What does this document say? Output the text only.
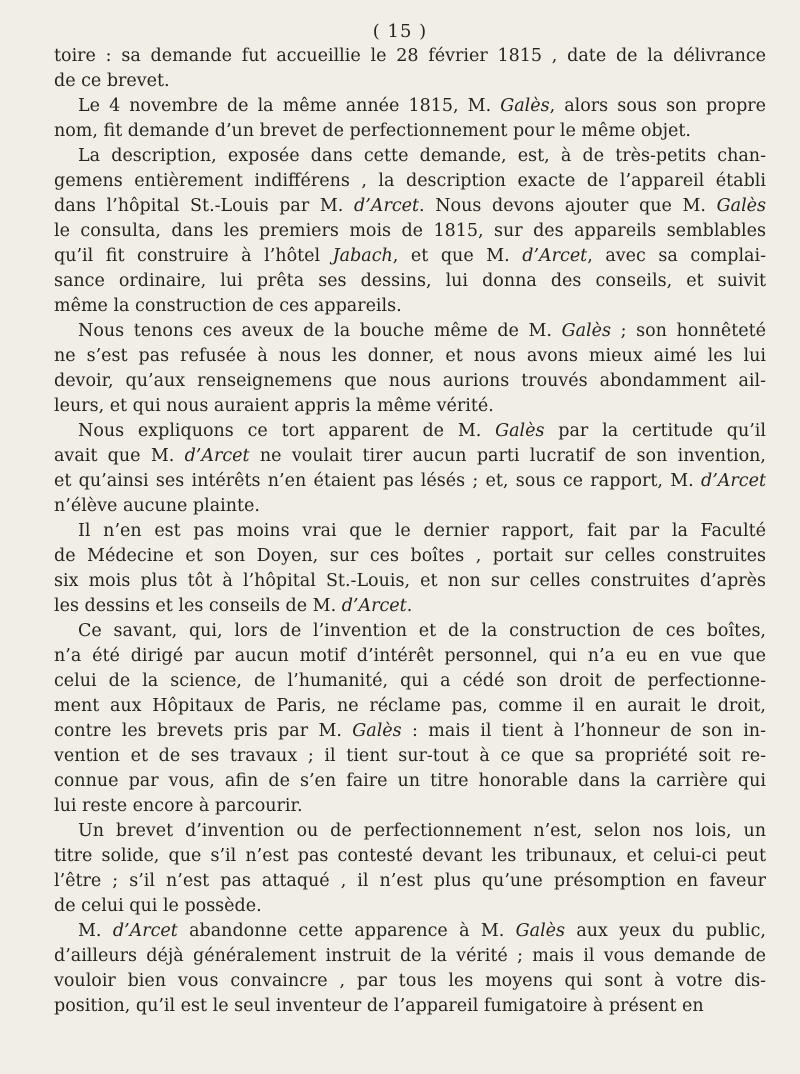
( 15 )
toire : sa demande fut accueillie le 28 février 1815 , date de la délivrance
de ce brevet.
Le 4 novembre de la même année 1815, M. Galès, alors sous son propre
nom, fit demande d’un brevet de perfectionnement pour le même objet.
La description, exposée dans cette demande, est, à de très-petits chan-
gemens entièrement indifférens , la description exacte de l’appareil établi
dans l’hôpital St.-Louis par M. d’Arcet. Nous devons ajouter que M. Galès
le consulta, dans les premiers mois de 1815, sur des appareils semblables
qu’il fit construire à l’hôtel Jabach, et que M. d’Arcet, avec sa complai-
sance ordinaire, lui prêta ses dessins, lui donna des conseils, et suivit
même la construction de ces appareils.
Nous tenons ces aveux de la bouche même de M. Galès ; son honnêteté
ne s’est pas refusée à nous les donner, et nous avons mieux aimé les lui
devoir, qu’aux renseignemens que nous aurions trouvés abondamment ail-
leurs, et qui nous auraient appris la même vérité.
Nous expliquons ce tort apparent de M. Galès par la certitude qu’il
avait que M. d’Arcet ne voulait tirer aucun parti lucratif de son invention,
et qu’ainsi ses intérêts n’en étaient pas lésés ; et, sous ce rapport, M. d’Arcet
n’élève aucune plainte.
Il n’en est pas moins vrai que le dernier rapport, fait par la Faculté
de Médecine et son Doyen, sur ces boîtes , portait sur celles construites
six mois plus tôt à l’hôpital St.-Louis, et non sur celles construites d’après
les dessins et les conseils de M. d’Arcet.
Ce savant, qui, lors de l’invention et de la construction de ces boîtes,
n’a été dirigé par aucun motif d’intérêt personnel, qui n’a eu en vue que
celui de la science, de l’humanité, qui a cédé son droit de perfectionne-
ment aux Hôpitaux de Paris, ne réclame pas, comme il en aurait le droit,
contre les brevets pris par M. Galès : mais il tient à l’honneur de son in-
vention et de ses travaux ; il tient sur-tout à ce que sa propriété soit re-
connue par vous, afin de s’en faire un titre honorable dans la carrière qui
lui reste encore à parcourir.
Un brevet d’invention ou de perfectionnement n’est, selon nos lois, un
titre solide, que s’il n’est pas contesté devant les tribunaux, et celui-ci peut
l’être ; s’il n’est pas attaqué , il n’est plus qu’une présomption en faveur
de celui qui le possède.
M. d’Arcet abandonne cette apparence à M. Galès aux yeux du public,
d’ailleurs déjà généralement instruit de la vérité ; mais il vous demande de
vouloir bien vous convaincre , par tous les moyens qui sont à votre dis-
position, qu’il est le seul inventeur de l’appareil fumigatoire à présent en
